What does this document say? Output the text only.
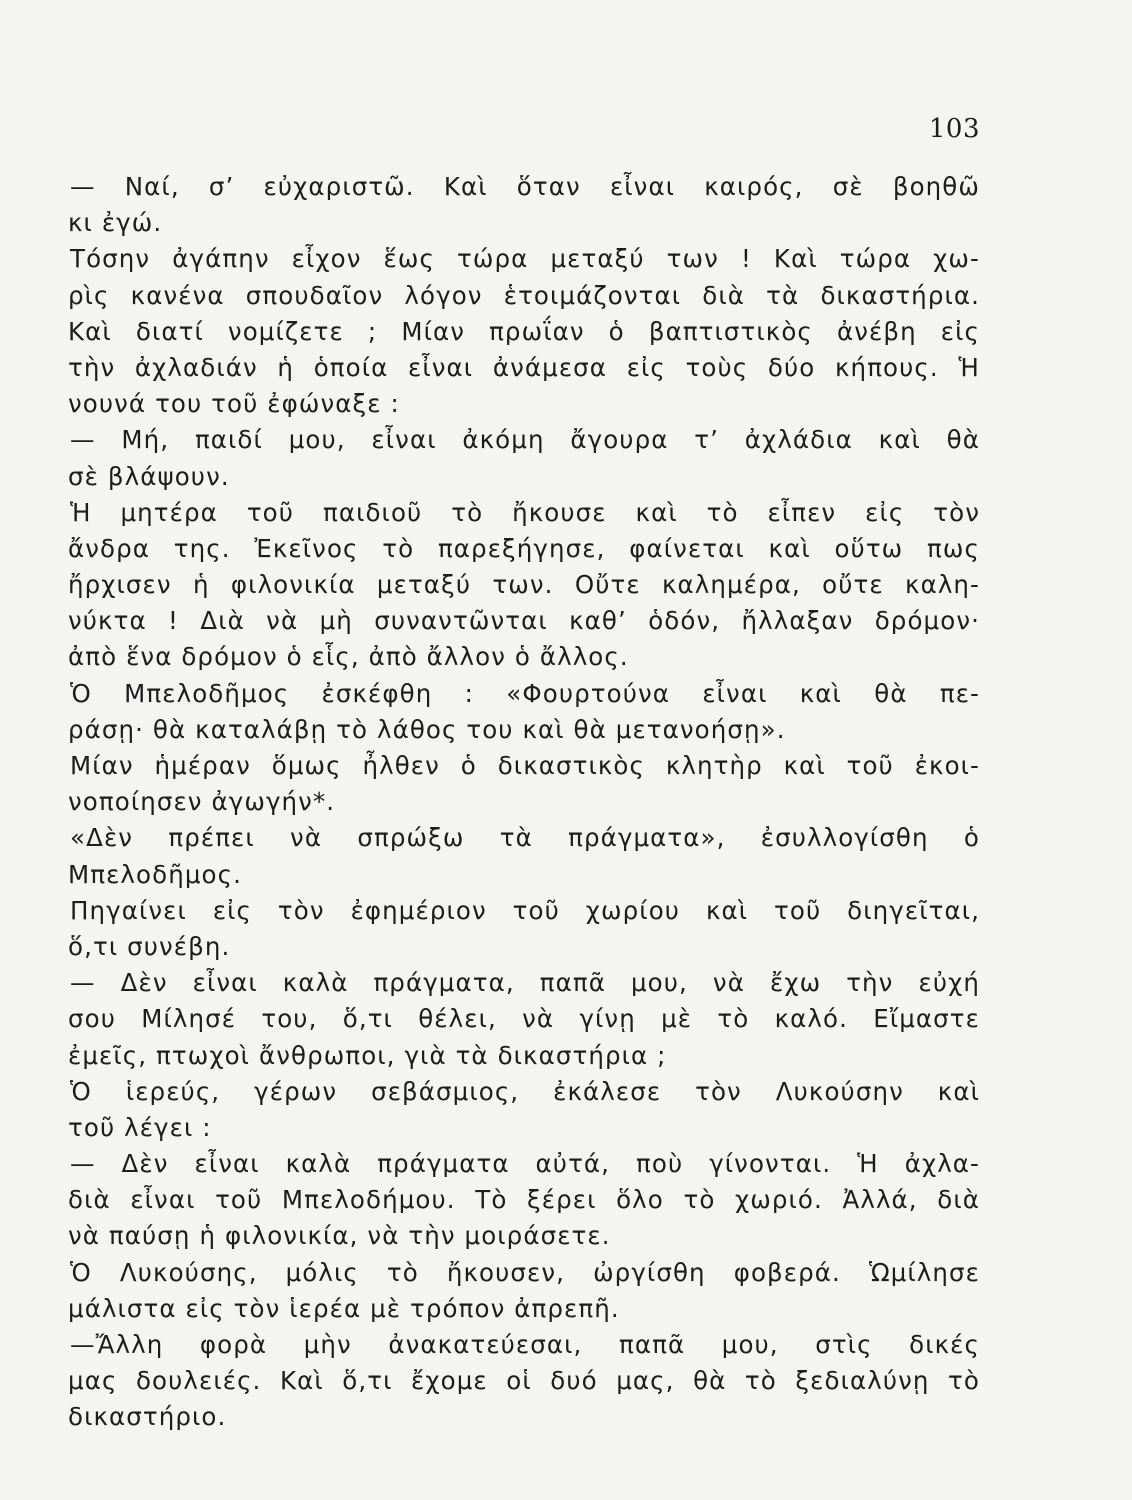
103
— Ναί, σ’ εὐχαριστῶ. Καὶ ὅταν εἶναι καιρός, σὲ βοηθῶ
κι ἐγώ.
Τόσην ἀγάπην εἶχον ἕως τώρα μεταξύ των ! Καὶ τώρα χω-
ρὶς κανένα σπουδαῖον λόγον ἑτοιμάζονται διὰ τὰ δικαστήρια.
Καὶ διατί νομίζετε ; Μίαν πρωΐαν ὁ βαπτιστικὸς ἀνέβη εἰς
τὴν ἀχλαδιάν ἡ ὁποία εἶναι ἀνάμεσα εἰς τοὺς δύο κήπους. Ἡ
νουνά του τοῦ ἐφώναξε :
— Μή, παιδί μου, εἶναι ἀκόμη ἄγουρα τ’ ἀχλάδια καὶ θὰ
σὲ βλάψουν.
Ἡ μητέρα τοῦ παιδιοῦ τὸ ἤκουσε καὶ τὸ εἶπεν εἰς τὸν
ἄνδρα της. Ἐκεῖνος τὸ παρεξήγησε, φαίνεται καὶ οὕτω πως
ἤρχισεν ἡ φιλονικία μεταξύ των. Οὔτε καλημέρα, οὔτε καλη-
νύκτα ! Διὰ νὰ μὴ συναντῶνται καθ’ ὁδόν, ἤλλαξαν δρόμον·
ἀπὸ ἕνα δρόμον ὁ εἷς, ἀπὸ ἄλλον ὁ ἄλλος.
Ὁ Μπελοδῆμος ἐσκέφθη : «Φουρτούνα εἶναι καὶ θὰ πε-
ράσῃ· θὰ καταλάβῃ τὸ λάθος του καὶ θὰ μετανοήσῃ».
Μίαν ἡμέραν ὅμως ἦλθεν ὁ δικαστικὸς κλητὴρ καὶ τοῦ ἐκοι-
νοποίησεν ἀγωγήν*.
«Δὲν πρέπει νὰ σπρώξω τὰ πράγματα», ἐσυλλογίσθη ὁ
Μπελοδῆμος.
Πηγαίνει εἰς τὸν ἐφημέριον τοῦ χωρίου καὶ τοῦ διηγεῖται,
ὅ,τι συνέβη.
— Δὲν εἶναι καλὰ πράγματα, παπᾶ μου, νὰ ἔχω τὴν εὐχή
σου Μίλησέ του, ὅ,τι θέλει, νὰ γίνῃ μὲ τὸ καλό. Εἴμαστε
ἐμεῖς, πτωχοὶ ἄνθρωποι, γιὰ τὰ δικαστήρια ;
Ὁ ἱερεύς, γέρων σεβάσμιος, ἐκάλεσε τὸν Λυκούσην καὶ
τοῦ λέγει :
— Δὲν εἶναι καλὰ πράγματα αὐτά, ποὺ γίνονται. Ἡ ἀχλα-
διὰ εἶναι τοῦ Μπελοδήμου. Τὸ ξέρει ὅλο τὸ χωριό. Ἀλλά, διὰ
νὰ παύσῃ ἡ φιλονικία, νὰ τὴν μοιράσετε.
Ὁ Λυκούσης, μόλις τὸ ἤκουσεν, ὠργίσθη φοβερά. Ὡμίλησε
μάλιστα εἰς τὸν ἱερέα μὲ τρόπον ἀπρεπῆ.
—Ἄλλη φορὰ μὴν ἀνακατεύεσαι, παπᾶ μου, στὶς δικές
μας δουλειές. Καὶ ὅ,τι ἔχομε οἱ δυό μας, θὰ τὸ ξεδιαλύνῃ τὸ
δικαστήριο.
